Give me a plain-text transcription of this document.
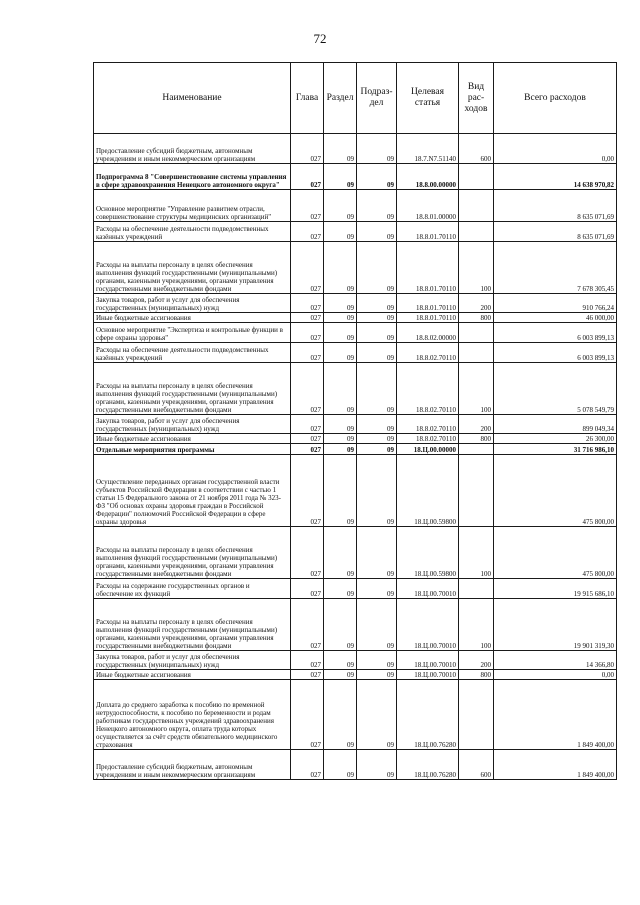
72
Наименование	Глава	Раздел	Подраз-дел	Целевая статья	Вид рас-ходов	Всего расходов
Предоставление субсидий бюджетным, автономным учреждениям и иным некоммерческим организациям	027	09	09	18.7.N7.51140	600	0,00
Подпрограмма 8 "Совершенствование системы управления в сфере здравоохранения Ненецкого автономного округа"	027	09	09	18.8.00.00000		14 638 970,82
Основное мероприятие "Управление развитием отрасли, совершенствование структуры медицинских организаций"	027	09	09	18.8.01.00000		8 635 071,69
Расходы на обеспечение деятельности подведомственных казённых учреждений	027	09	09	18.8.01.70110		8 635 071,69
Расходы на выплаты персоналу в целях обеспечения выполнения функций государственными (муниципальными) органами, казенными учреждениями, органами управления государственными внебюджетными фондами	027	09	09	18.8.01.70110	100	7 678 305,45
Закупка товаров, работ и услуг для обеспечения государственных (муниципальных) нужд	027	09	09	18.8.01.70110	200	910 766,24
Иные бюджетные ассигнования	027	09	09	18.8.01.70110	800	46 000,00
Основное мероприятие "Экспертиза и контрольные функции в сфере охраны здоровья"	027	09	09	18.8.02.00000		6 003 899,13
Расходы на обеспечение деятельности подведомственных казённых учреждений	027	09	09	18.8.02.70110		6 003 899,13
Расходы на выплаты персоналу в целях обеспечения выполнения функций государственными (муниципальными) органами, казенными учреждениями, органами управления государственными внебюджетными фондами	027	09	09	18.8.02.70110	100	5 078 549,79
Закупка товаров, работ и услуг для обеспечения государственных (муниципальных) нужд	027	09	09	18.8.02.70110	200	899 049,34
Иные бюджетные ассигнования	027	09	09	18.8.02.70110	800	26 300,00
Отдельные мероприятия программы	027	09	09	18.Ц.00.00000		31 716 986,10
Осуществление переданных органам государственной власти субъектов Российской Федерации в соответствии с частью 1 статьи 15 Федерального закона от 21 ноября 2011 года № 323-ФЗ "Об основах охраны здоровья граждан в Российской Федерации" полномочий Российской Федерации в сфере охраны здоровья	027	09	09	18.Ц.00.59800		475 800,00
Расходы на выплаты персоналу в целях обеспечения выполнения функций государственными (муниципальными) органами, казенными учреждениями, органами управления государственными внебюджетными фондами	027	09	09	18.Ц.00.59800	100	475 800,00
Расходы на содержание государственных органов и обеспечение их функций	027	09	09	18.Ц.00.70010		19 915 686,10
Расходы на выплаты персоналу в целях обеспечения выполнения функций государственными (муниципальными) органами, казенными учреждениями, органами управления государственными внебюджетными фондами	027	09	09	18.Ц.00.70010	100	19 901 319,30
Закупка товаров, работ и услуг для обеспечения государственных (муниципальных) нужд	027	09	09	18.Ц.00.70010	200	14 366,80
Иные бюджетные ассигнования	027	09	09	18.Ц.00.70010	800	0,00
Доплата до среднего заработка к пособию по временной нетрудоспособности, к пособию по беременности и родам работникам государственных учреждений здравоохранения Ненецкого автономного округа, оплата труда которых осуществляется за счёт средств обязательного медицинского страхования	027	09	09	18.Ц.00.76280		1 849 400,00
Предоставление субсидий бюджетным, автономным учреждениям и иным некоммерческим организациям	027	09	09	18.Ц.00.76280	600	1 849 400,00
